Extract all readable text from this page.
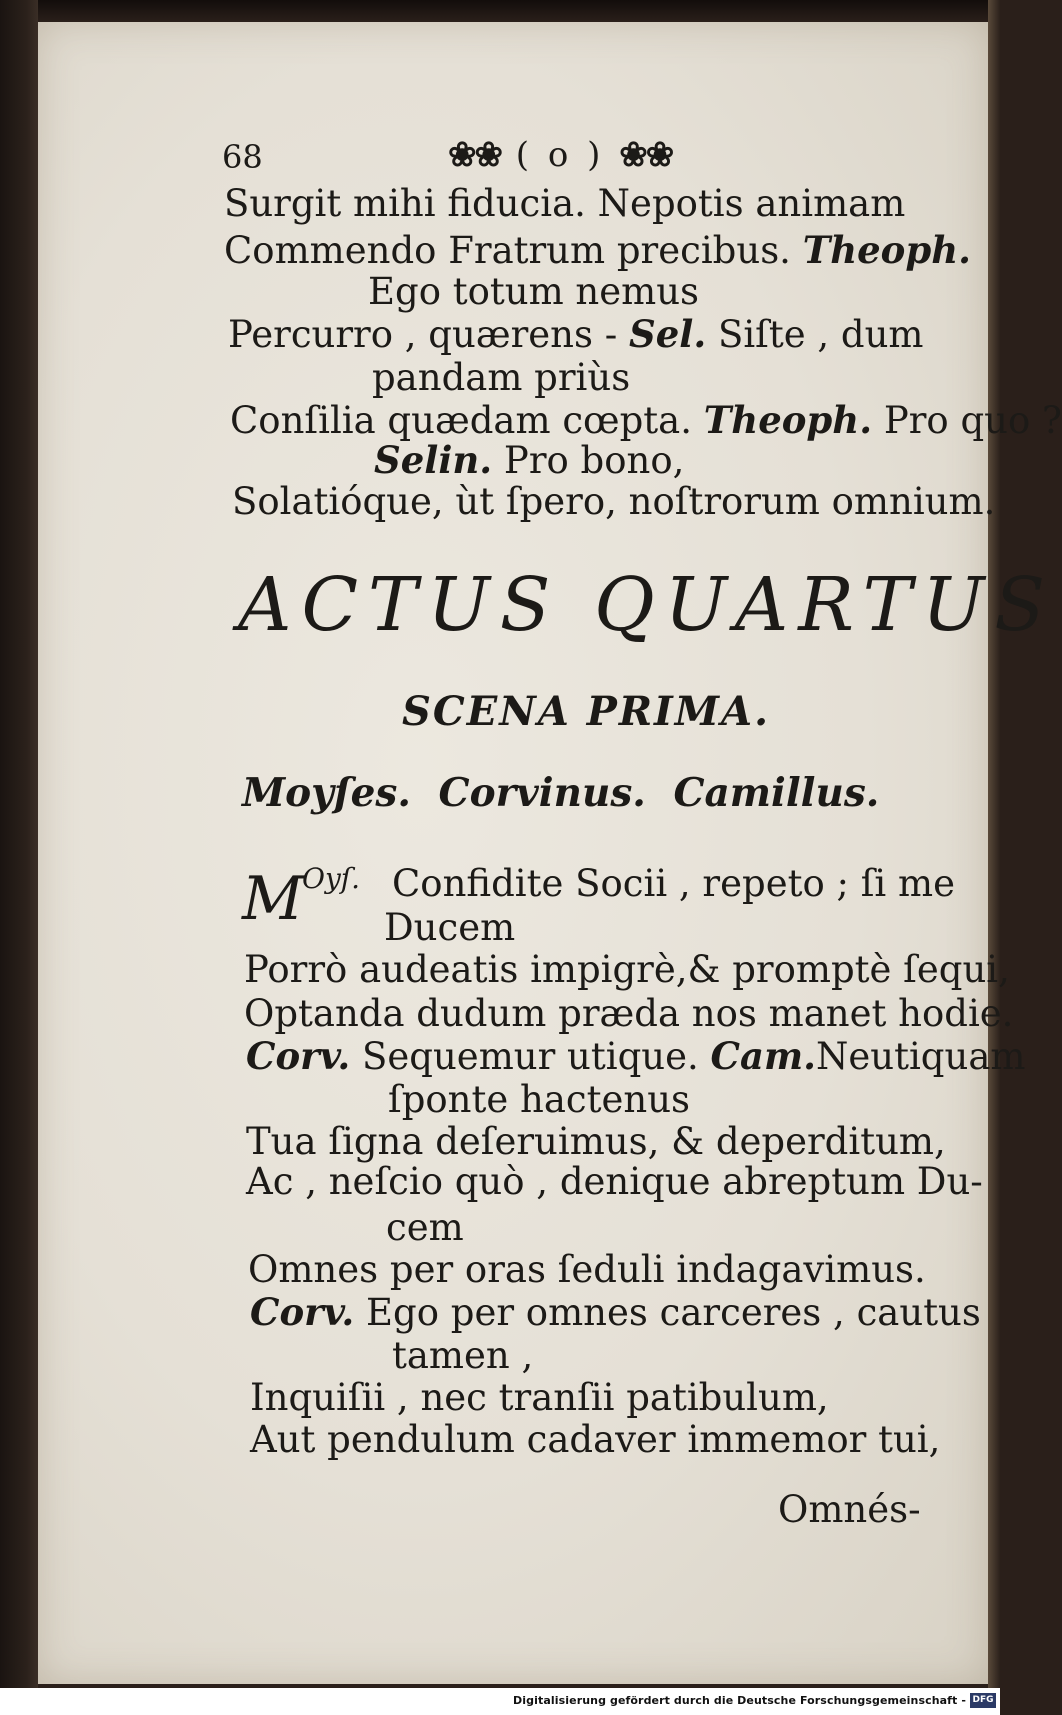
68	❀❀ ( o ) ❀❀
Surgit mihi fiducia. Nepotis animam
Commendo Fratrum precibus. Theoph.
Ego totum nemus
Percurro , quærens - Sel. Siſte , dum
pandam priùs
Conſilia quædam cœpta. Theoph. Pro quo ?
Selin. Pro bono,
Solatióque, ùt ſpero, noſtrorum omnium.
ACTUS QUARTUS
SCENA PRIMA.
Moyſes. Corvinus. Camillus.
M
Oyſ. Confidite Socii , repeto ; ſi me
Ducem
Porrò audeatis impigrè,& promptè ſequi,
Optanda dudum præda nos manet hodie.
Corv. Sequemur utique. Cam.Neutiquam
ſponte hactenus
Tua ſigna deſeruimus, & deperditum,
Ac , neſcio quò , denique abreptum Du-
cem
Omnes per oras ſeduli indagavimus.
Corv. Ego per omnes carceres , cautus
tamen ,
Inquiſii , nec tranſii patibulum,
Aut pendulum cadaver immemor tui,
Omnés-
Digitalisierung gefördert durch die Deutsche Forschungsgemeinschaft - DFG
